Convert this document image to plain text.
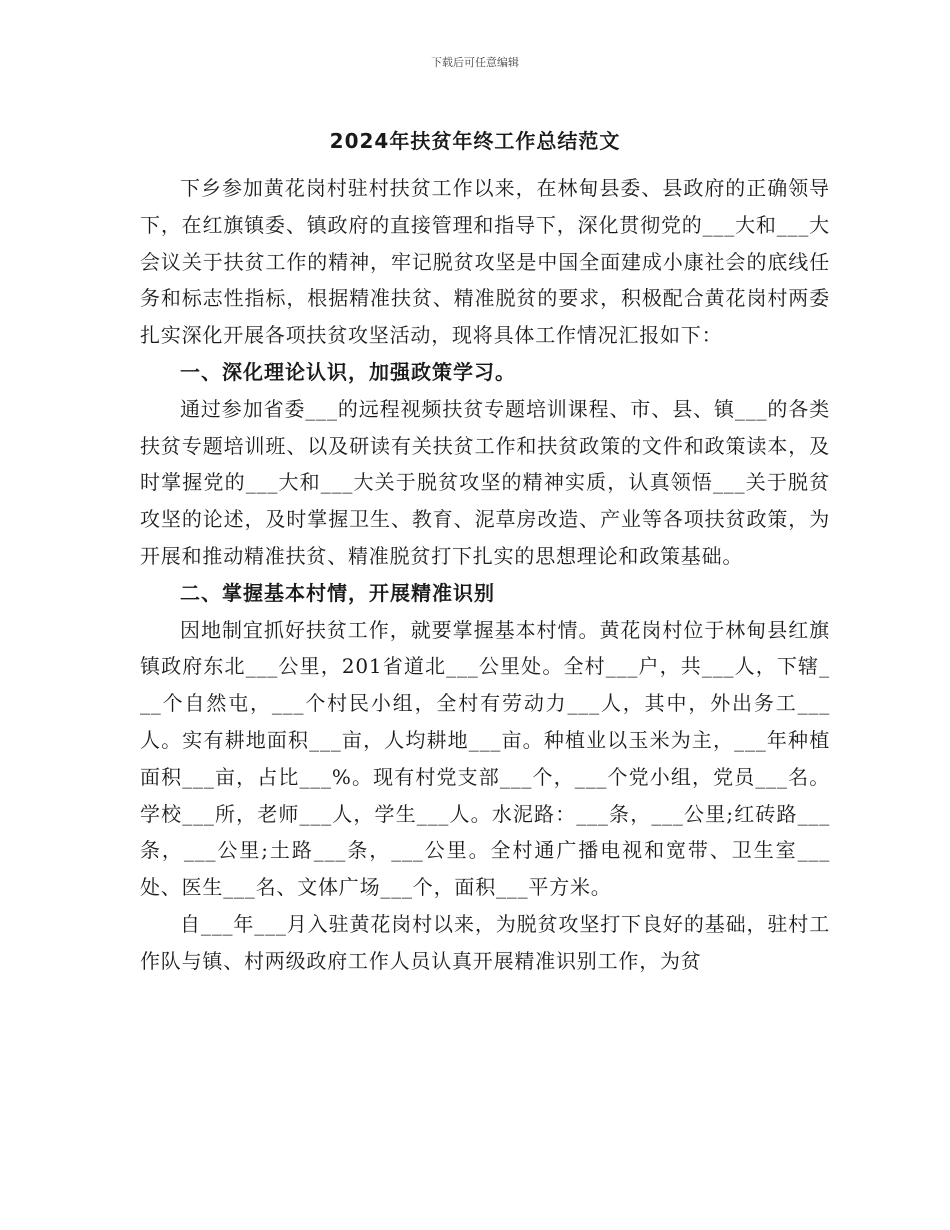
下载后可任意编辑
2024年扶贫年终工作总结范文

下乡参加黄花岗村驻村扶贫工作以来，在林甸县委、县政府的正确领导下，在红旗镇委、镇政府的直接管理和指导下，深化贯彻党的___大和___大会议关于扶贫工作的精神，牢记脱贫攻坚是中国全面建成小康社会的底线任务和标志性指标，根据精准扶贫、精准脱贫的要求，积极配合黄花岗村两委扎实深化开展各项扶贫攻坚活动，现将具体工作情况汇报如下：

一、深化理论认识，加强政策学习。

通过参加省委___的远程视频扶贫专题培训课程、市、县、镇___的各类扶贫专题培训班、以及研读有关扶贫工作和扶贫政策的文件和政策读本，及时掌握党的___大和___大关于脱贫攻坚的精神实质，认真领悟___关于脱贫攻坚的论述，及时掌握卫生、教育、泥草房改造、产业等各项扶贫政策，为开展和推动精准扶贫、精准脱贫打下扎实的思想理论和政策基础。

二、掌握基本村情，开展精准识别

因地制宜抓好扶贫工作，就要掌握基本村情。黄花岗村位于林甸县红旗镇政府东北___公里，201省道北___公里处。全村___户，共___人，下辖___个自然屯，___个村民小组，全村有劳动力___人，其中，外出务工___人。实有耕地面积___亩，人均耕地___亩。种植业以玉米为主，___年种植面积___亩，占比___%。现有村党支部___个，___个党小组，党员___名。学校___所，老师___人，学生___人。水泥路：___条，___公里;红砖路___条，___公里;土路___条，___公里。全村通广播电视和宽带、卫生室___处、医生___名、文体广场___个，面积___平方米。

自___年___月入驻黄花岗村以来，为脱贫攻坚打下良好的基础，驻村工作队与镇、村两级政府工作人员认真开展精准识别工作，为贫
